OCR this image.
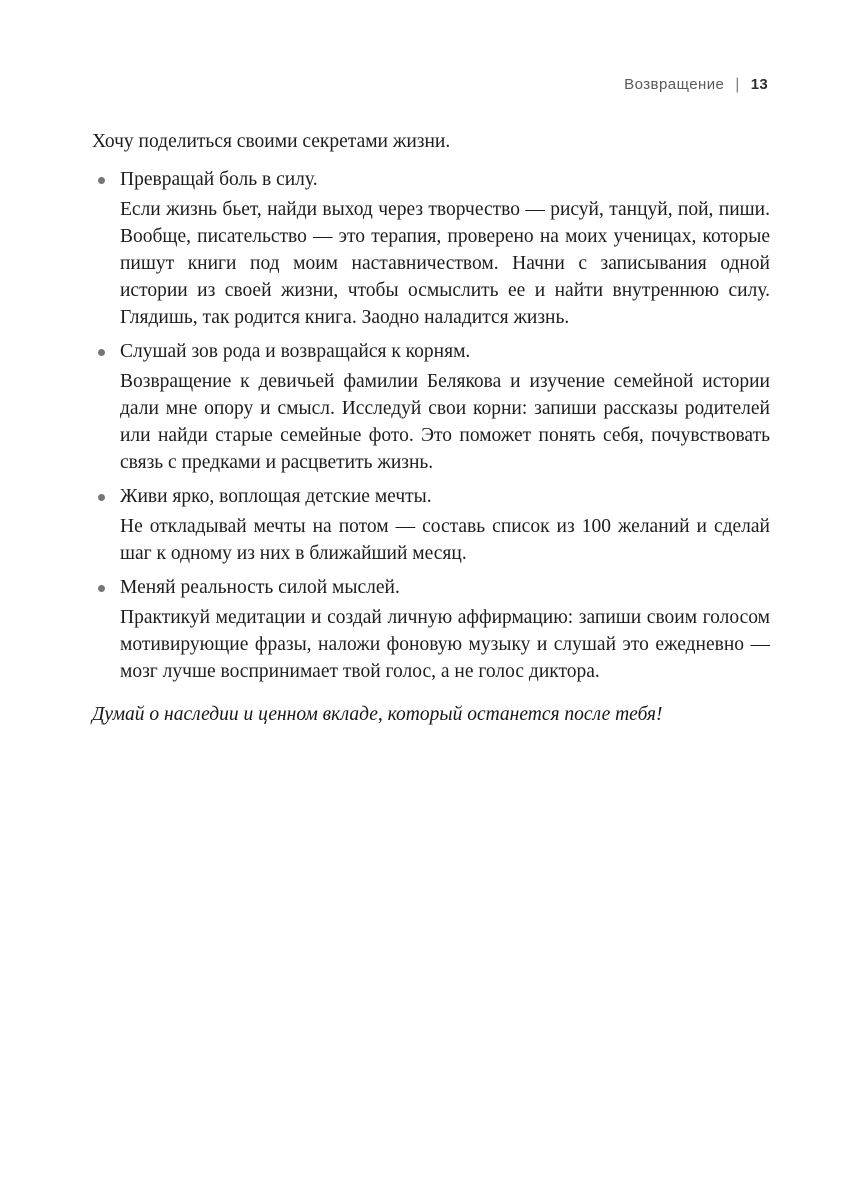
Возвращение | 13

Хочу поделиться своими секретами жизни.

Превращай боль в силу.

Если жизнь бьет, найди выход через творчество — рисуй, танцуй, пой, пиши. Вообще, писательство — это терапия, проверено на моих ученицах, которые пишут книги под моим наставничеством. Начни с записывания одной истории из своей жизни, чтобы осмыслить ее и найти внутреннюю силу. Глядишь, так родится книга. Заодно наладится жизнь.

Слушай зов рода и возвращайся к корням.

Возвращение к девичьей фамилии Белякова и изучение семейной истории дали мне опору и смысл. Исследуй свои корни: запиши рассказы родителей или найди старые семейные фото. Это поможет понять себя, почувствовать связь с предками и расцветить жизнь.

Живи ярко, воплощая детские мечты.

Не откладывай мечты на потом — составь список из 100 желаний и сделай шаг к одному из них в ближайший месяц.

Меняй реальность силой мыслей.

Практикуй медитации и создай личную аффирмацию: запиши своим голосом мотивирующие фразы, наложи фоновую музыку и слушай это ежедневно — мозг лучше воспринимает твой голос, а не голос диктора.

Думай о наследии и ценном вкладе, который останется после тебя!
